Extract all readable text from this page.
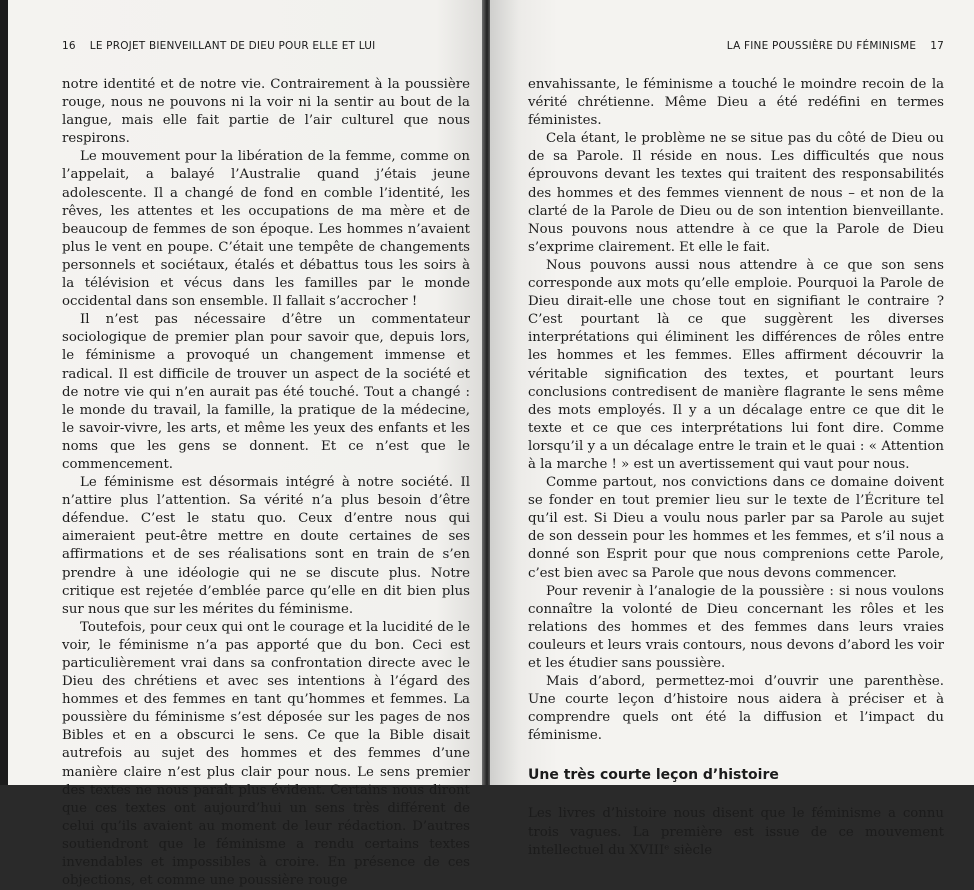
16 LE PROJET BIENVEILLANT DE DIEU POUR ELLE ET LUI

notre identité et de notre vie. Contrairement à la poussière rouge, nous ne pouvons ni la voir ni la sentir au bout de la langue, mais elle fait partie de l’air culturel que nous respirons.

Le mouvement pour la libération de la femme, comme on l’appelait, a balayé l’Australie quand j’étais jeune adolescente. Il a changé de fond en comble l’identité, les rêves, les attentes et les occupations de ma mère et de beaucoup de femmes de son époque. Les hommes n’avaient plus le vent en poupe. C’était une tempête de changements personnels et sociétaux, étalés et débattus tous les soirs à la télévision et vécus dans les familles par le monde occidental dans son ensemble. Il fallait s’accrocher !

Il n’est pas nécessaire d’être un commentateur sociologique de premier plan pour savoir que, depuis lors, le féminisme a provoqué un changement immense et radical. Il est difficile de trouver un aspect de la société et de notre vie qui n’en aurait pas été touché. Tout a changé : le monde du travail, la famille, la pratique de la médecine, le savoir-vivre, les arts, et même les yeux des enfants et les noms que les gens se donnent. Et ce n’est que le commencement.

Le féminisme est désormais intégré à notre société. Il n’attire plus l’attention. Sa vérité n’a plus besoin d’être défendue. C’est le statu quo. Ceux d’entre nous qui aimeraient peut-être mettre en doute certaines de ses affirmations et de ses réalisations sont en train de s’en prendre à une idéologie qui ne se discute plus. Notre critique est rejetée d’emblée parce qu’elle en dit bien plus sur nous que sur les mérites du féminisme.

Toutefois, pour ceux qui ont le courage et la lucidité de le voir, le féminisme n’a pas apporté que du bon. Ceci est particulièrement vrai dans sa confrontation directe avec le Dieu des chrétiens et avec ses intentions à l’égard des hommes et des femmes en tant qu’hommes et femmes. La poussière du féminisme s’est déposée sur les pages de nos Bibles et en a obscurci le sens. Ce que la Bible disait autrefois au sujet des hommes et des femmes d’une manière claire n’est plus clair pour nous. Le sens premier des textes ne nous paraît plus évident. Certains nous diront que ces textes ont aujourd’hui un sens très différent de celui qu’ils avaient au moment de leur rédaction. D’autres soutiendront que le féminisme a rendu certains textes invendables et impossibles à croire. En présence de ces objections, et comme une poussière rouge

LA FINE POUSSIÈRE DU FÉMINISME 17

envahissante, le féminisme a touché le moindre recoin de la vérité chrétienne. Même Dieu a été redéfini en termes féministes.

Cela étant, le problème ne se situe pas du côté de Dieu ou de sa Parole. Il réside en nous. Les difficultés que nous éprouvons devant les textes qui traitent des responsabilités des hommes et des femmes viennent de nous – et non de la clarté de la Parole de Dieu ou de son intention bienveillante. Nous pouvons nous attendre à ce que la Parole de Dieu s’exprime clairement. Et elle le fait.

Nous pouvons aussi nous attendre à ce que son sens corresponde aux mots qu’elle emploie. Pourquoi la Parole de Dieu dirait-elle une chose tout en signifiant le contraire ? C’est pourtant là ce que suggèrent les diverses interprétations qui éliminent les différences de rôles entre les hommes et les femmes. Elles affirment découvrir la véritable signification des textes, et pourtant leurs conclusions contredisent de manière flagrante le sens même des mots employés. Il y a un décalage entre ce que dit le texte et ce que ces interprétations lui font dire. Comme lorsqu’il y a un décalage entre le train et le quai : « Attention à la marche ! » est un avertissement qui vaut pour nous.

Comme partout, nos convictions dans ce domaine doivent se fonder en tout premier lieu sur le texte de l’Écriture tel qu’il est. Si Dieu a voulu nous parler par sa Parole au sujet de son dessein pour les hommes et les femmes, et s’il nous a donné son Esprit pour que nous comprenions cette Parole, c’est bien avec sa Parole que nous devons commencer.

Pour revenir à l’analogie de la poussière : si nous voulons connaître la volonté de Dieu concernant les rôles et les relations des hommes et des femmes dans leurs vraies couleurs et leurs vrais contours, nous devons d’abord les voir et les étudier sans poussière.

Mais d’abord, permettez-moi d’ouvrir une parenthèse. Une courte leçon d’histoire nous aidera à préciser et à comprendre quels ont été la diffusion et l’impact du féminisme.

Une très courte leçon d’histoire

Les livres d’histoire nous disent que le féminisme a connu trois vagues. La première est issue de ce mouvement intellectuel du XVIIIᵉ siècle
